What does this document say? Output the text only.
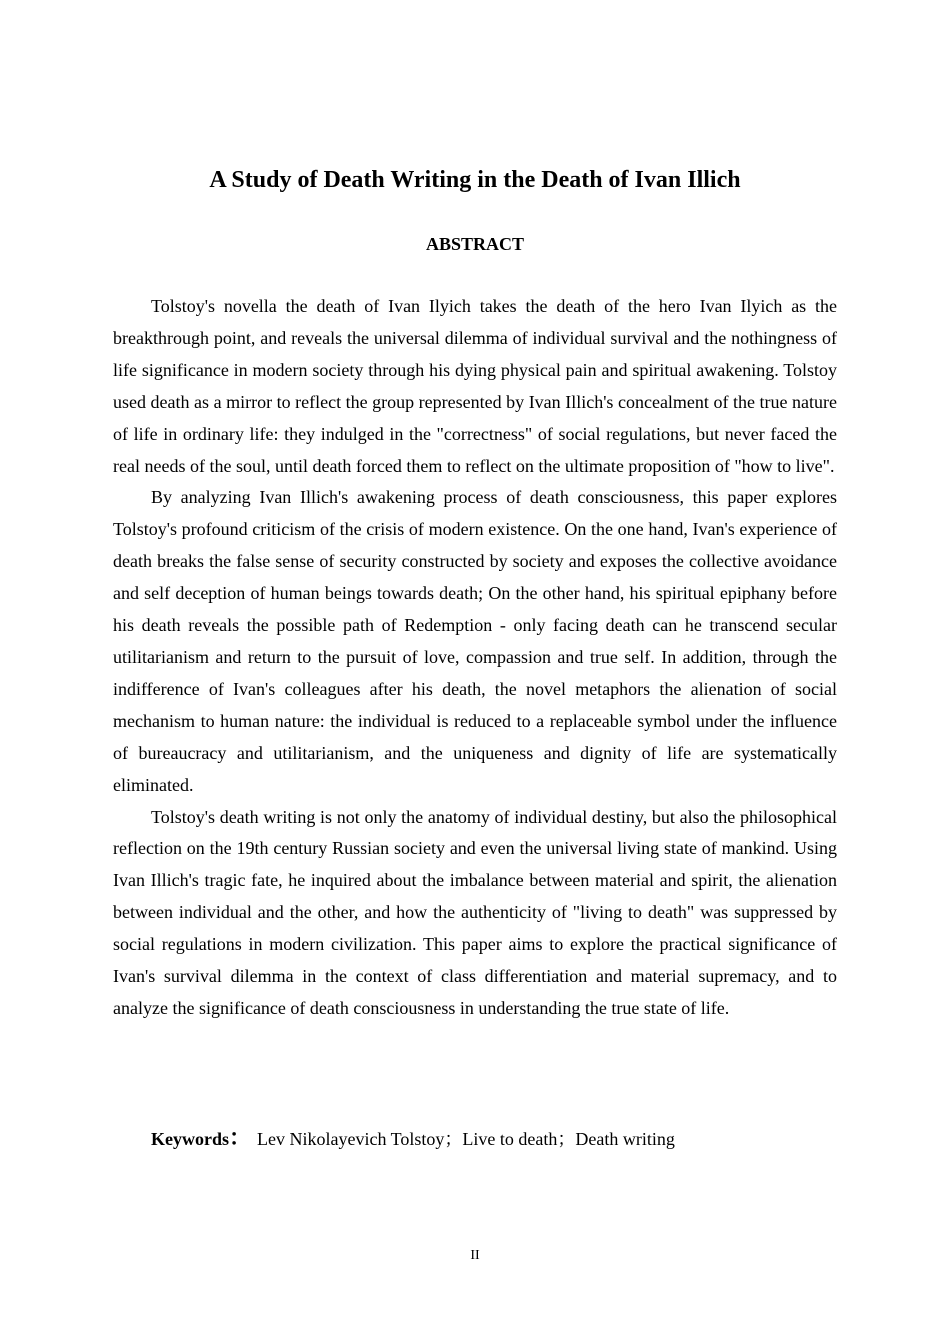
A Study of Death Writing in the Death of Ivan Illich
ABSTRACT

Tolstoy's novella the death of Ivan Ilyich takes the death of the hero Ivan Ilyich as the breakthrough point, and reveals the universal dilemma of individual survival and the nothingness of life significance in modern society through his dying physical pain and spiritual awakening. Tolstoy used death as a mirror to reflect the group represented by Ivan Illich's concealment of the true nature of life in ordinary life: they indulged in the "correctness" of social regulations, but never faced the real needs of the soul, until death forced them to reflect on the ultimate proposition of "how to live".

By analyzing Ivan Illich's awakening process of death consciousness, this paper explores Tolstoy's profound criticism of the crisis of modern existence. On the one hand, Ivan's experience of death breaks the false sense of security constructed by society and exposes the collective avoidance and self deception of human beings towards death; On the other hand, his spiritual epiphany before his death reveals the possible path of Redemption - only facing death can he transcend secular utilitarianism and return to the pursuit of love, compassion and true self. In addition, through the indifference of Ivan's colleagues after his death, the novel metaphors the alienation of social mechanism to human nature: the individual is reduced to a replaceable symbol under the influence of bureaucracy and utilitarianism, and the uniqueness and dignity of life are systematically eliminated.

Tolstoy's death writing is not only the anatomy of individual destiny, but also the philosophical reflection on the 19th century Russian society and even the universal living state of mankind. Using Ivan Illich's tragic fate, he inquired about the imbalance between material and spirit, the alienation between individual and the other, and how the authenticity of "living to death" was suppressed by social regulations in modern civilization. This paper aims to explore the practical significance of Ivan's survival dilemma in the context of class differentiation and material supremacy, and to analyze the significance of death consciousness in understanding the true state of life.

Keywords： Lev Nikolayevich Tolstoy；Live to death；Death writing

II
